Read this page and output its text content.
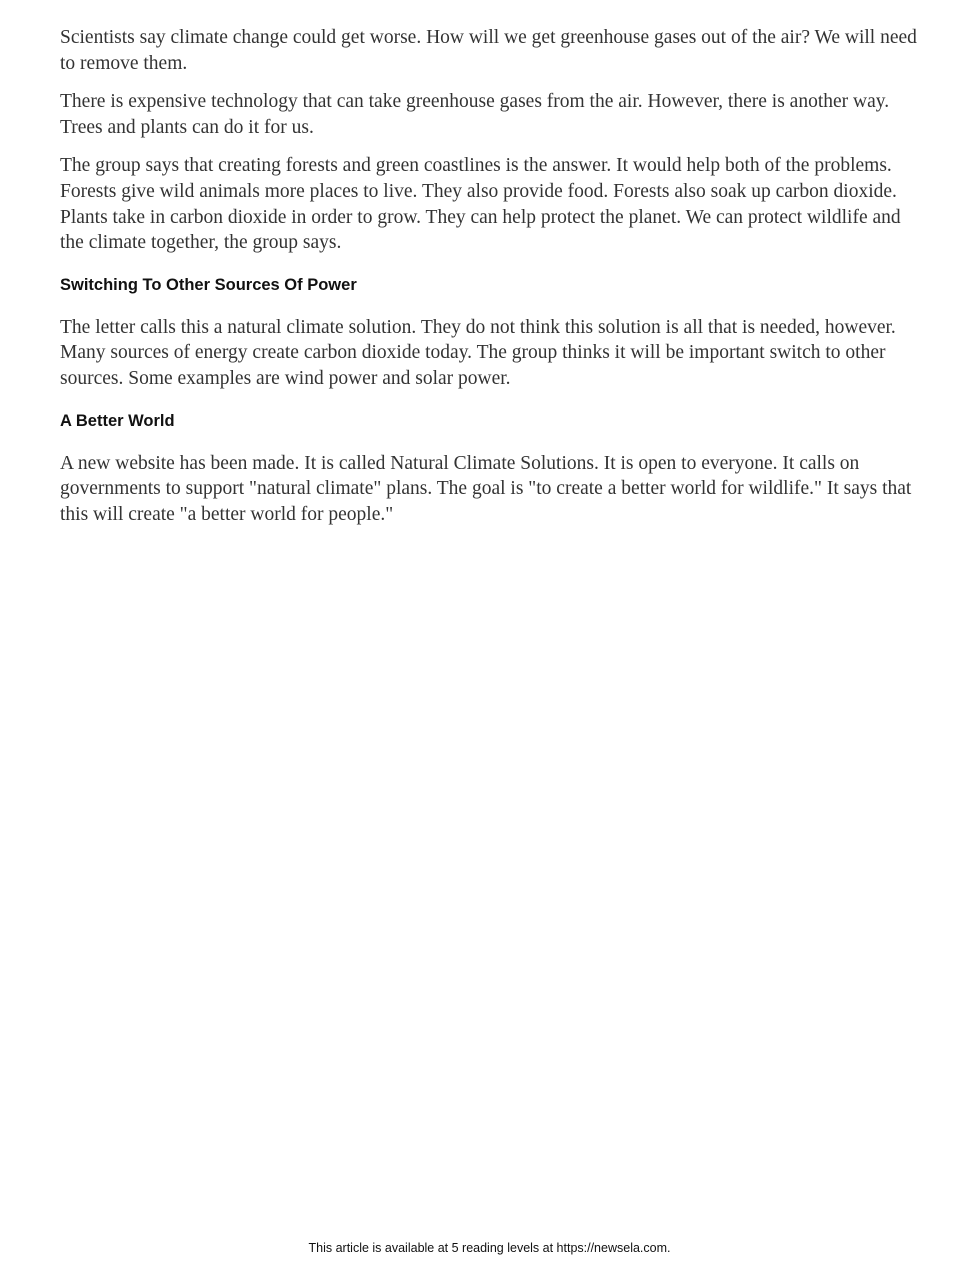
Scientists say climate change could get worse. How will we get greenhouse gases out of the air? We will need to remove them.

There is expensive technology that can take greenhouse gases from the air. However, there is another way. Trees and plants can do it for us.

The group says that creating forests and green coastlines is the answer. It would help both of the problems. Forests give wild animals more places to live. They also provide food. Forests also soak up carbon dioxide. Plants take in carbon dioxide in order to grow. They can help protect the planet. We can protect wildlife and the climate together, the group says.

Switching To Other Sources Of Power

The letter calls this a natural climate solution. They do not think this solution is all that is needed, however. Many sources of energy create carbon dioxide today. The group thinks it will be important switch to other sources. Some examples are wind power and solar power.

A Better World

A new website has been made. It is called Natural Climate Solutions. It is open to everyone. It calls on governments to support "natural climate" plans. The goal is "to create a better world for wildlife." It says that this will create "a better world for people."

This article is available at 5 reading levels at https://newsela.com.
